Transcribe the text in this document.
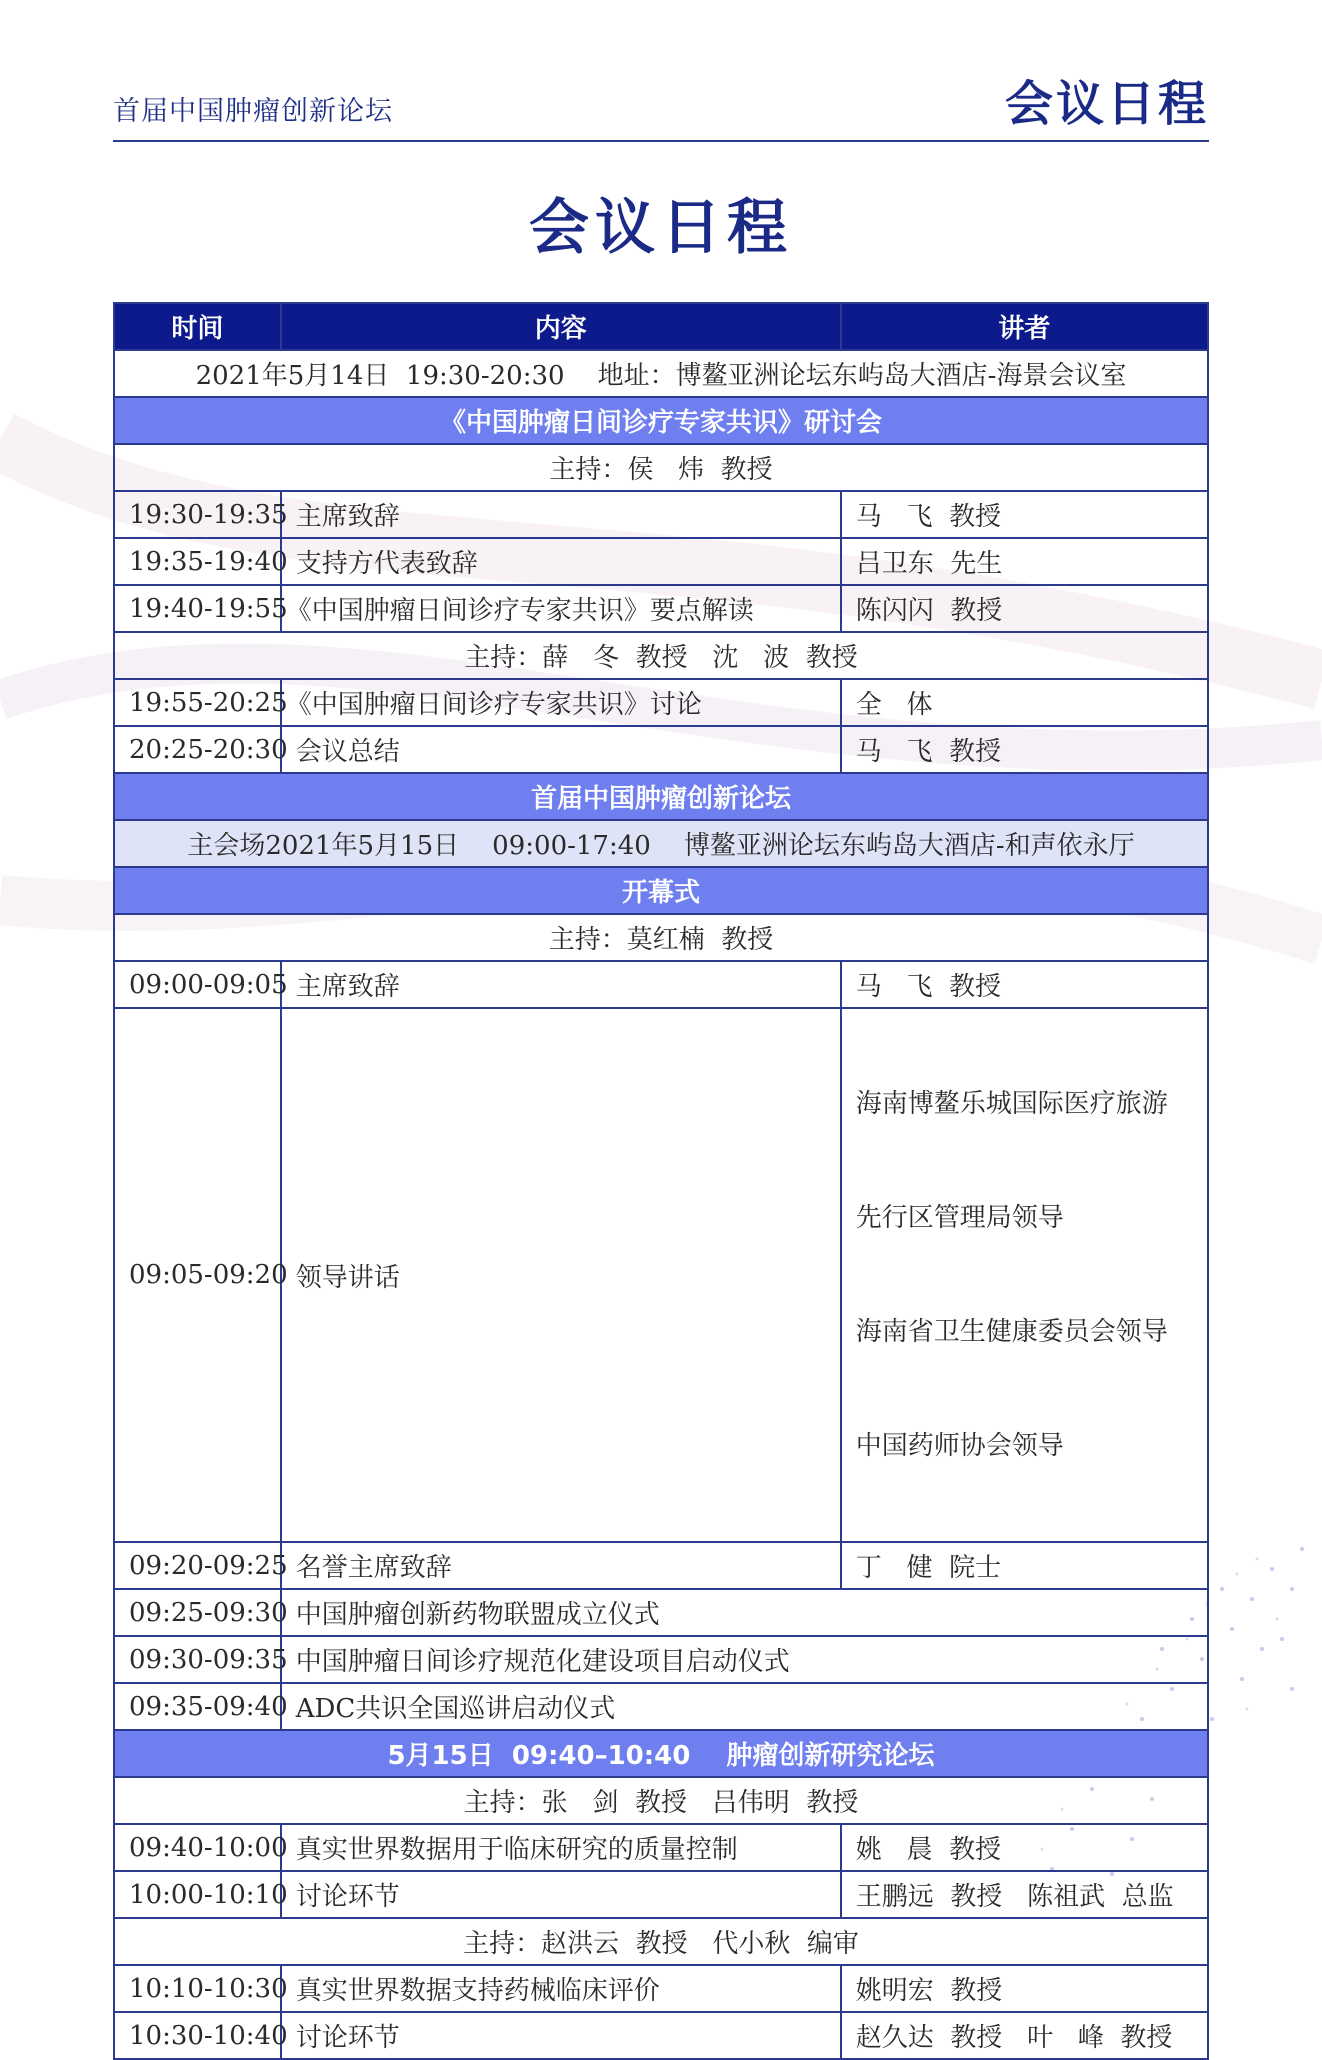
首届中国肿瘤创新论坛	会议日程
会议日程
时间	内容	讲者
2021年5月14日  19:30-20:30    地址：博鳌亚洲论坛东屿岛大酒店-海景会议室		
《中国肿瘤日间诊疗专家共识》研讨会		
主持：侯   炜  教授		
19:30-19:35	主席致辞	马   飞  教授
19:35-19:40	支持方代表致辞	吕卫东  先生
19:40-19:55	《中国肿瘤日间诊疗专家共识》要点解读	陈闪闪  教授
主持：薛   冬  教授   沈   波  教授		
19:55-20:25	《中国肿瘤日间诊疗专家共识》讨论	全   体
20:25-20:30	会议总结	马   飞  教授
首届中国肿瘤创新论坛		
主会场2021年5月15日    09:00-17:40    博鳌亚洲论坛东屿岛大酒店-和声依永厅		
开幕式		
主持：莫红楠  教授		
09:00-09:05	主席致辞	马   飞  教授
09:05-09:20	领导讲话	海南博鳌乐城国际医疗旅游

先行区管理局领导

海南省卫生健康委员会领导

中国药师协会领导

09:20-09:25	名誉主席致辞	丁   健  院士
09:25-09:30	中国肿瘤创新药物联盟成立仪式	
09:30-09:35	中国肿瘤日间诊疗规范化建设项目启动仪式	
09:35-09:40	ADC共识全国巡讲启动仪式	
5月15日  09:40–10:40    肿瘤创新研究论坛		
主持：张   剑  教授   吕伟明  教授		
09:40-10:00	真实世界数据用于临床研究的质量控制	姚   晨  教授
10:00-10:10	讨论环节	王鹏远  教授   陈祖武  总监
主持：赵洪云  教授   代小秋  编审		
10:10-10:30	真实世界数据支持药械临床评价	姚明宏  教授
10:30-10:40	讨论环节	赵久达  教授   叶   峰  教授
